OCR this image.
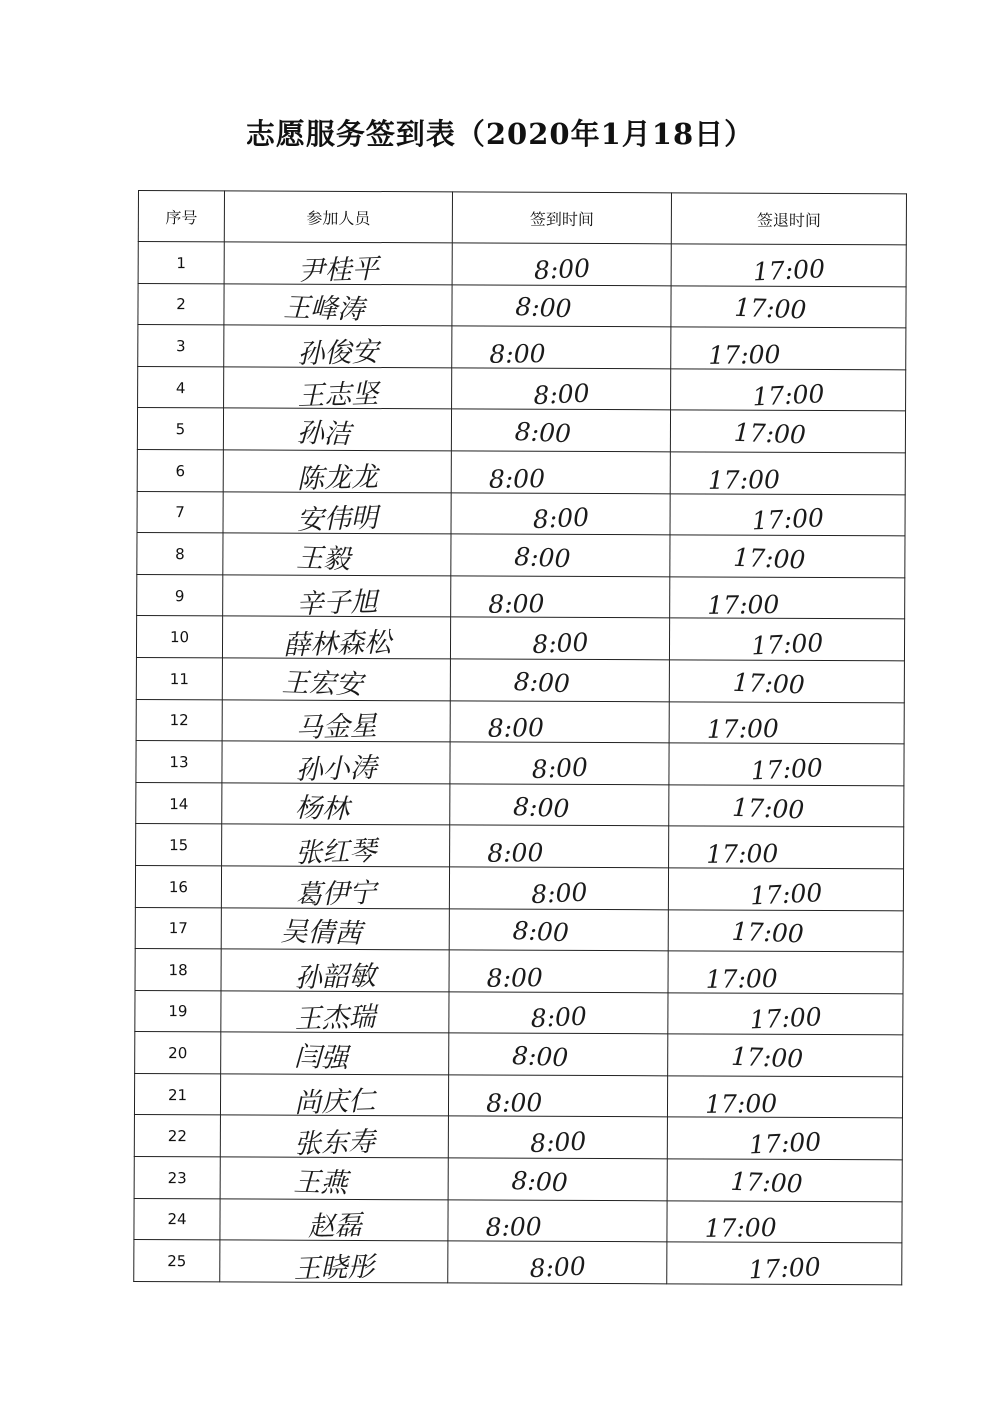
志愿服务签到表（2020年1月18日）
序号	参加人员	签到时间	签退时间
1	尹桂平	8:00	17:00
2	王峰涛	8:00	17:00
3	孙俊安	8:00	17:00
4	王志坚	8:00	17:00
5	孙洁	8:00	17:00
6	陈龙龙	8:00	17:00
7	安伟明	8:00	17:00
8	王毅	8:00	17:00
9	辛子旭	8:00	17:00
10	薛林森松	8:00	17:00
11	王宏安	8:00	17:00
12	马金星	8:00	17:00
13	孙小涛	8:00	17:00
14	杨林	8:00	17:00
15	张红琴	8:00	17:00
16	葛伊宁	8:00	17:00
17	吴倩茜	8:00	17:00
18	孙韶敏	8:00	17:00
19	王杰瑞	8:00	17:00
20	闫强	8:00	17:00
21	尚庆仁	8:00	17:00
22	张东寿	8:00	17:00
23	王燕	8:00	17:00
24	赵磊	8:00	17:00
25	王晓彤	8:00	17:00
